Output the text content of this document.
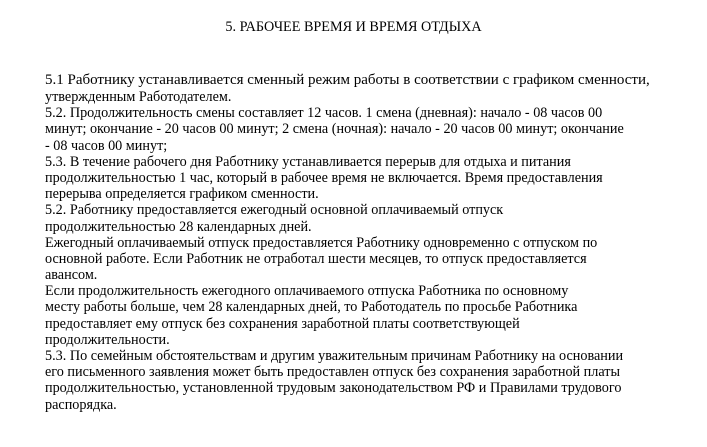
5. РАБОЧЕЕ ВРЕМЯ И ВРЕМЯ ОТДЫХА
5.1 Работнику устанавливается сменный режим работы в соответствии с графиком сменности,
утвержденным Работодателем.
5.2. Продолжительность смены составляет 12 часов. 1 смена (дневная): начало - 08 часов 00
минут; окончание - 20 часов 00 минут; 2 смена (ночная): начало - 20 часов 00 минут; окончание
- 08 часов 00 минут;
5.3. В течение рабочего дня Работнику устанавливается перерыв для отдыха и питания
продолжительностью 1 час, который в рабочее время не включается. Время предоставления
перерыва определяется графиком сменности.
5.2. Работнику предоставляется ежегодный основной оплачиваемый отпуск
продолжительностью 28 календарных дней.
Ежегодный оплачиваемый отпуск предоставляется Работнику одновременно с отпуском по
основной работе. Если Работник не отработал шести месяцев, то отпуск предоставляется
авансом.
Если продолжительность ежегодного оплачиваемого отпуска Работника по основному
месту работы больше, чем 28 календарных дней, то Работодатель по просьбе Работника
предоставляет ему отпуск без сохранения заработной платы соответствующей
продолжительности.
5.3. По семейным обстоятельствам и другим уважительным причинам Работнику на основании
его письменного заявления может быть предоставлен отпуск без сохранения заработной платы
продолжительностью, установленной трудовым законодательством РФ и Правилами трудового
распорядка.
